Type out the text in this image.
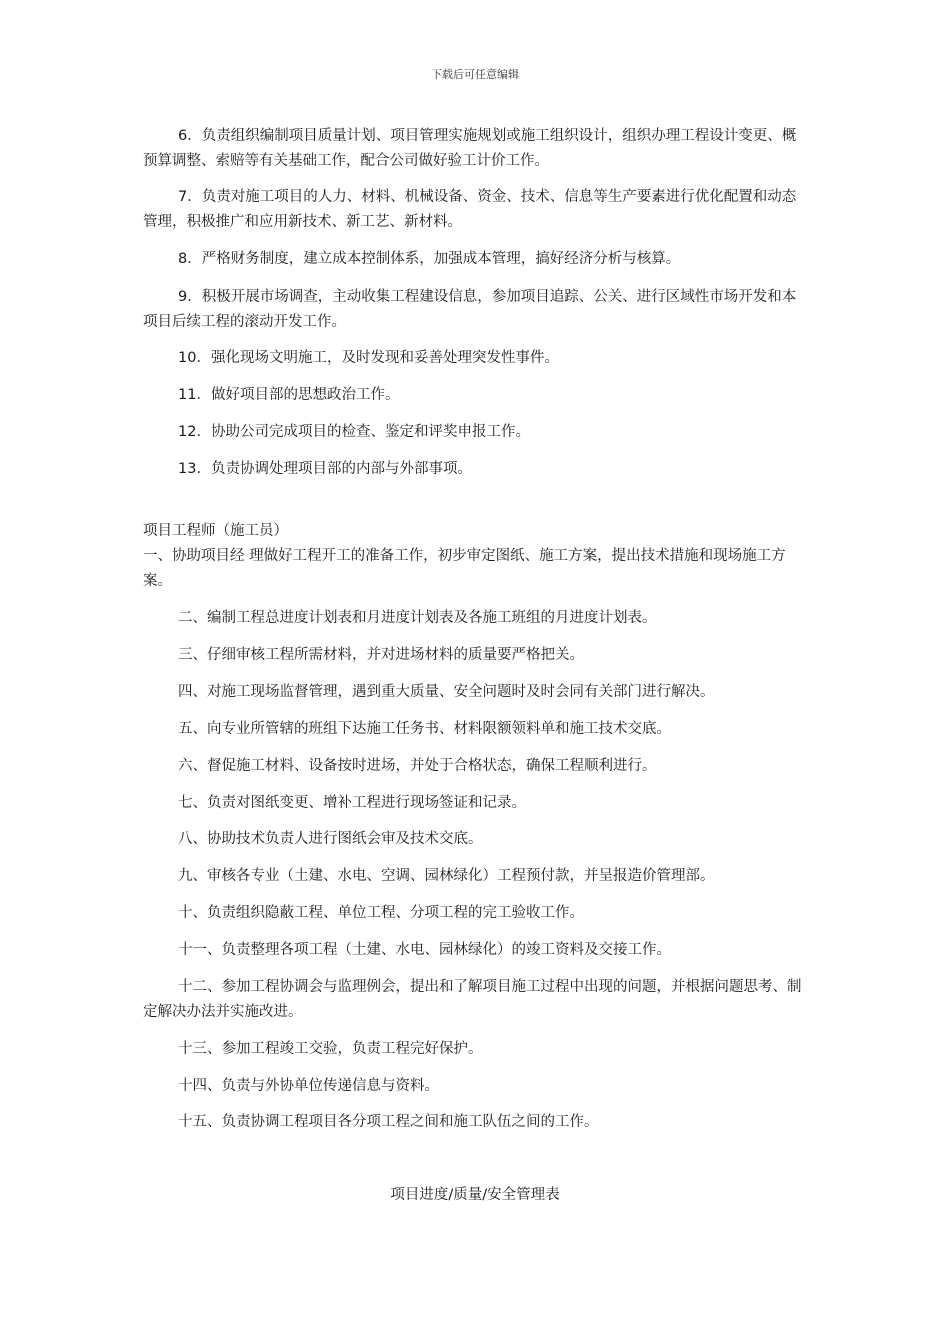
下载后可任意编辑

6．负责组织编制项目质量计划、项目管理实施规划或施工组织设计，组织办理工程设计变更、概预算调整、索赔等有关基础工作，配合公司做好验工计价工作。

7．负责对施工项目的人力、材料、机械设备、资金、技术、信息等生产要素进行优化配置和动态管理，积极推广和应用新技术、新工艺、新材料。

8．严格财务制度，建立成本控制体系，加强成本管理，搞好经济分析与核算。

9．积极开展市场调查，主动收集工程建设信息，参加项目追踪、公关、进行区域性市场开发和本项目后续工程的滚动开发工作。

10．强化现场文明施工，及时发现和妥善处理突发性事件。

11．做好项目部的思想政治工作。

12．协助公司完成项目的检查、鉴定和评奖申报工作。

13．负责协调处理项目部的内部与外部事项。

项目工程师（施工员）

一、协助项目经 理做好工程开工的准备工作，初步审定图纸、施工方案，提出技术措施和现场施工方案。

二、编制工程总进度计划表和月进度计划表及各施工班组的月进度计划表。

三、仔细审核工程所需材料，并对进场材料的质量要严格把关。

四、对施工现场监督管理，遇到重大质量、安全问题时及时会同有关部门进行解决。

五、向专业所管辖的班组下达施工任务书、材料限额领料单和施工技术交底。

六、督促施工材料、设备按时进场，并处于合格状态，确保工程顺利进行。

七、负责对图纸变更、增补工程进行现场签证和记录。

八、协助技术负责人进行图纸会审及技术交底。

九、审核各专业（土建、水电、空调、园林绿化）工程预付款，并呈报造价管理部。

十、负责组织隐蔽工程、单位工程、分项工程的完工验收工作。

十一、负责整理各项工程（土建、水电、园林绿化）的竣工资料及交接工作。

十二、参加工程协调会与监理例会，提出和了解项目施工过程中出现的问题，并根据问题思考、制定解决办法并实施改进。

十三、参加工程竣工交验，负责工程完好保护。

十四、负责与外协单位传递信息与资料。

十五、负责协调工程项目各分项工程之间和施工队伍之间的工作。

项目进度/质量/安全管理表
